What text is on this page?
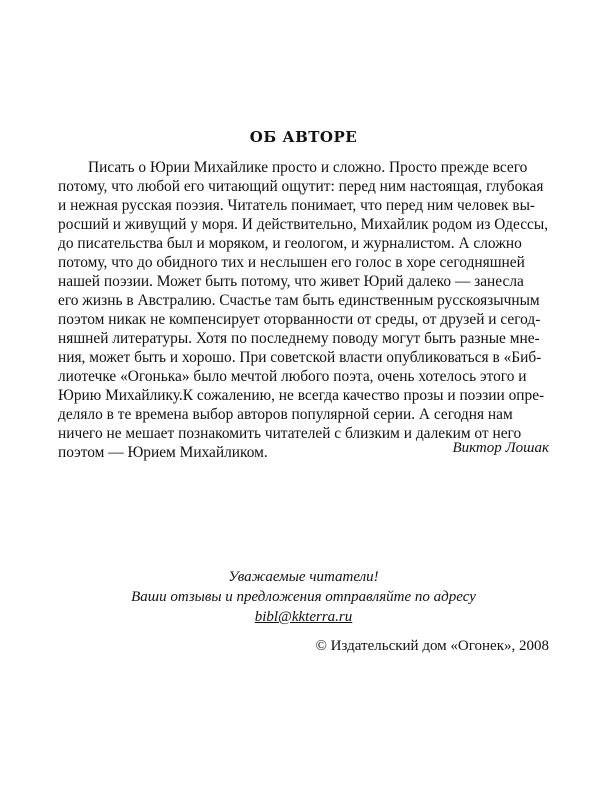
ОБ АВТОРЕ
Писать о Юрии Михайлике просто и сложно. Просто прежде всего
потому, что любой его читающий ощутит: перед ним настоящая, глубокая
и нежная русская поэзия. Читатель понимает, что перед ним человек вы-
росший и живущий у моря. И действительно, Михайлик родом из Одессы,
до писательства был и моряком, и геологом, и журналистом. А сложно
потому, что до обидного тих и неслышен его голос в хоре сегодняшней
нашей поэзии. Может быть потому, что живет Юрий далеко — занесла
его жизнь в Австралию. Счастье там быть единственным русскоязычным
поэтом никак не компенсирует оторванности от среды, от друзей и сегод-
няшней литературы. Хотя по последнему поводу могут быть разные мне-
ния, может быть и хорошо. При советской власти опубликоваться в «Биб-
лиотечке «Огонька» было мечтой любого поэта, очень хотелось этого и
Юрию Михайлику.К сожалению, не всегда качество прозы и поэзии опре-
деляло в те времена выбор авторов популярной серии. А сегодня нам
ничего не мешает познакомить читателей с близким и далеким от него
поэтом — Юрием Михайликом.	Виктор Лошак
Уважаемые читатели!
Ваши отзывы и предложения отправляйте по адресу
bibl@kkterra.ru
© Издательский дом «Огонек», 2008
